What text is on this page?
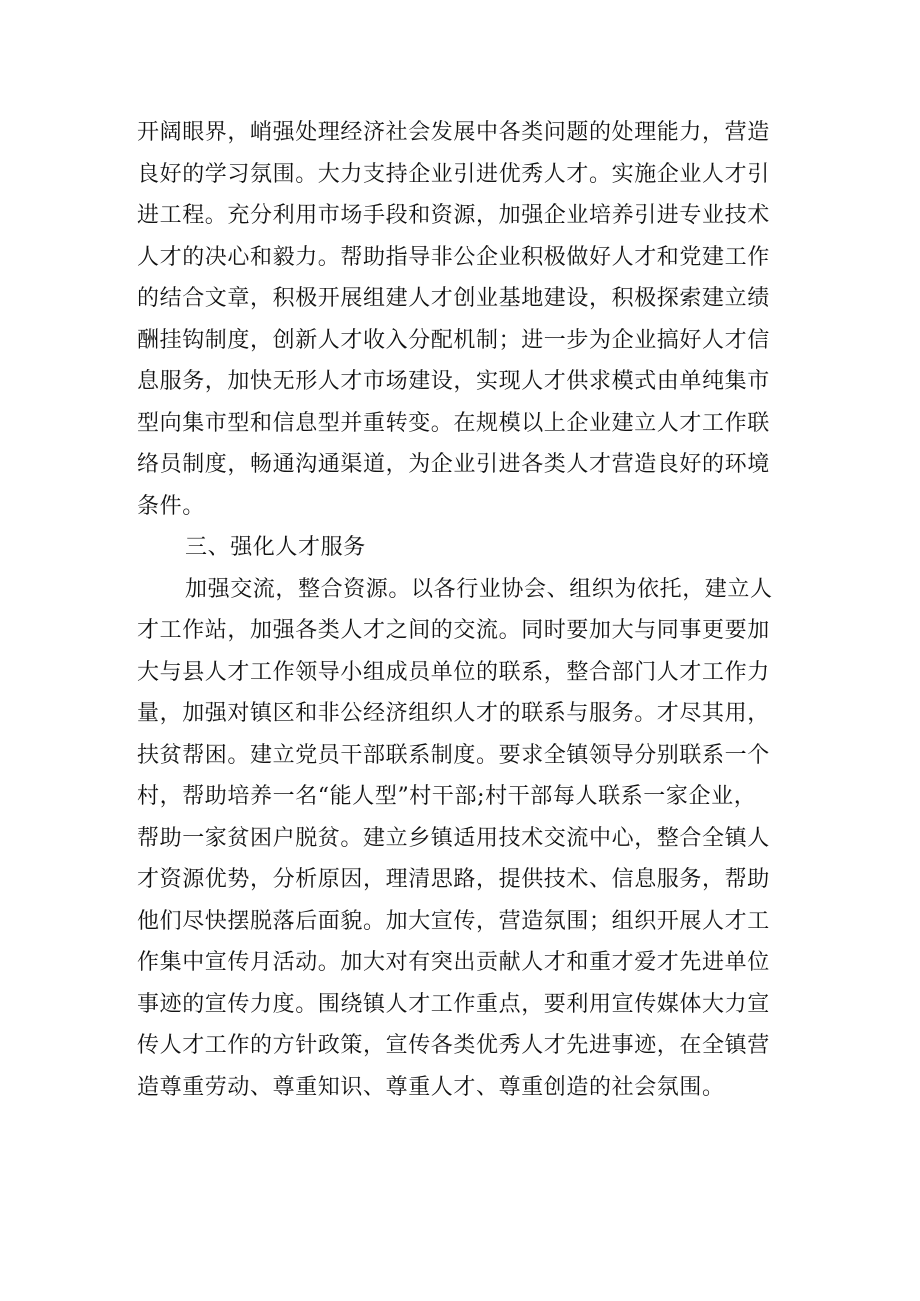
开阔眼界，峭强处理经济社会发展中各类问题的处理能力，营造
良好的学习氛围。大力支持企业引进优秀人才。实施企业人才引
进工程。充分利用市场手段和资源，加强企业培养引进专业技术
人才的决心和毅力。帮助指导非公企业积极做好人才和党建工作
的结合文章，积极开展组建人才创业基地建设，积极探索建立绩
酬挂钩制度，创新人才收入分配机制；进一步为企业搞好人才信
息服务，加快无形人才市场建设，实现人才供求模式由单纯集市
型向集市型和信息型并重转变。在规模以上企业建立人才工作联
络员制度，畅通沟通渠道，为企业引进各类人才营造良好的环境
条件。
三、强化人才服务
加强交流，整合资源。以各行业协会、组织为依托，建立人
才工作站，加强各类人才之间的交流。同时要加大与同事更要加
大与县人才工作领导小组成员单位的联系，整合部门人才工作力
量，加强对镇区和非公经济组织人才的联系与服务。才尽其用，
扶贫帮困。建立党员干部联系制度。要求全镇领导分别联系一个
村，帮助培养一名“能人型”村干部;村干部每人联系一家企业，
帮助一家贫困户脱贫。建立乡镇适用技术交流中心，整合全镇人
才资源优势，分析原因，理清思路，提供技术、信息服务，帮助
他们尽快摆脱落后面貌。加大宣传，营造氛围；组织开展人才工
作集中宣传月活动。加大对有突出贡献人才和重才爱才先进单位
事迹的宣传力度。围绕镇人才工作重点，要利用宣传媒体大力宣
传人才工作的方针政策，宣传各类优秀人才先进事迹，在全镇营
造尊重劳动、尊重知识、尊重人才、尊重创造的社会氛围。
